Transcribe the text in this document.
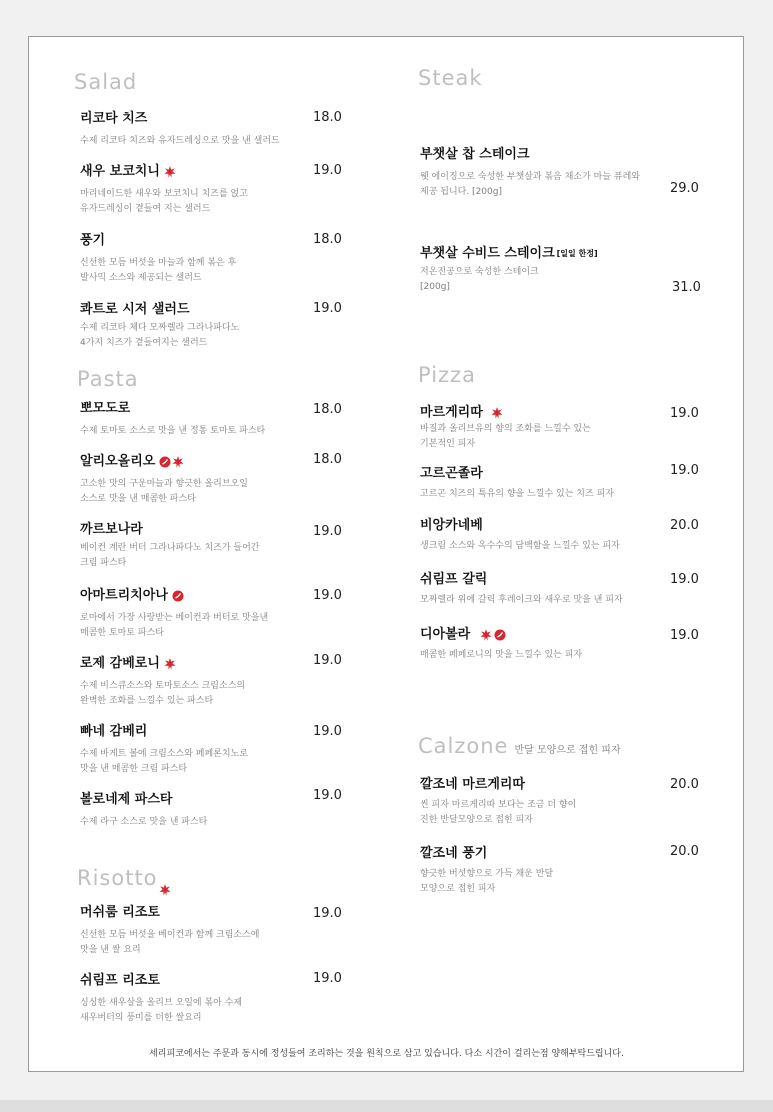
Salad
리코타 치즈
수제 리코타 치즈와 유자드레싱으로 맛을 낸 샐러드
18.0
새우 보코치니
마리네이드한 새우와 보코치니 치즈를 얹고
유자드레싱이 곁들여 지는 샐러드
19.0
풍기
신선한 모듬 버섯을 마늘과 함께 볶은 후
발사믹 소스와 제공되는 샐러드
18.0
콰트로 시저 샐러드
수제 리코타 체다 모짜렐라 그라나파다노
4가지 치즈가 곁들여지는 샐러드
19.0
Pasta
뽀모도로
수제 토마토 소스로 맛을 낸 정통 토마토 파스타
18.0
알리오올리오
고소한 맛의 구운마늘과 향긋한 올리브오일
소스로 맛을 낸 매콤한 파스타
18.0
까르보나라
베이컨 계란 버터 그라나파다노 치즈가 들어간
크림 파스타
19.0
아마트리치아나
로마에서 가장 사랑받는 베이컨과 버터로 맛을낸
매콤한 토마토 파스타
19.0
로제 감베로니
수제 비스큐소스와 토마토소스 크림소스의
완벽한 조화를 느낄수 있는 파스타
19.0
빠네 감베리
수제 바게트 볼에 크림소스와 페페론치노로
맛을 낸 매콤한 크림 파스타
19.0
볼로네제 파스타
수제 라구 소스로 맛을 낸 파스타
19.0
Risotto
머쉬룸 리조토
신선한 모듬 버섯을 베이컨과 함께 크림소스에
맛을 낸 쌀 요리
19.0
쉬림프 리조토
싱싱한 새우살을 올리브 오일에 볶아 수제
새우버터의 풍미를 더한 쌀요리
19.0
Steak
부챗살 찹 스테이크
웻 에이징으로 숙성한 부챗살과 볶음 채소가 마늘 퓨레와
제공 됩니다. [200g]	29.0
부챗살 수비드 스테이크 [일일 한정]
저온진공으로 숙성한 스테이크
[200g]	31.0
Pizza
마르게리따
바질과 올리브유의 향의 조화를 느낄수 있는
기본적인 피자
19.0
고르곤졸라
고르곤 치즈의 특유의 향을 느낄수 있는 치즈 피자
19.0
비앙카네베
생크림 소스와 옥수수의 담백함을 느낄수 있는 피자
20.0
쉬림프 갈릭
모짜렐라 위에 갈릭 후레이크와 새우로 맛을 낸 피자
19.0
디아볼라
매콤한 페페로니의 맛을 느낄수 있는 피자
19.0
Calzone 반달 모양으로 접힌 피자
깔조네 마르게리따
씬 피자 마르게리따 보다는 조금 더 향이
진한 반달모양으로 접힌 피자
20.0
깔조네 풍기
향긋한 버섯향으로 가득 채운 반달
모양으로 접힌 피자
20.0
세리피코에서는 주문과 동시에 정성들여 조리하는 것을 원칙으로 삼고 있습니다. 다소 시간이 걸리는점 양해부탁드립니다.
